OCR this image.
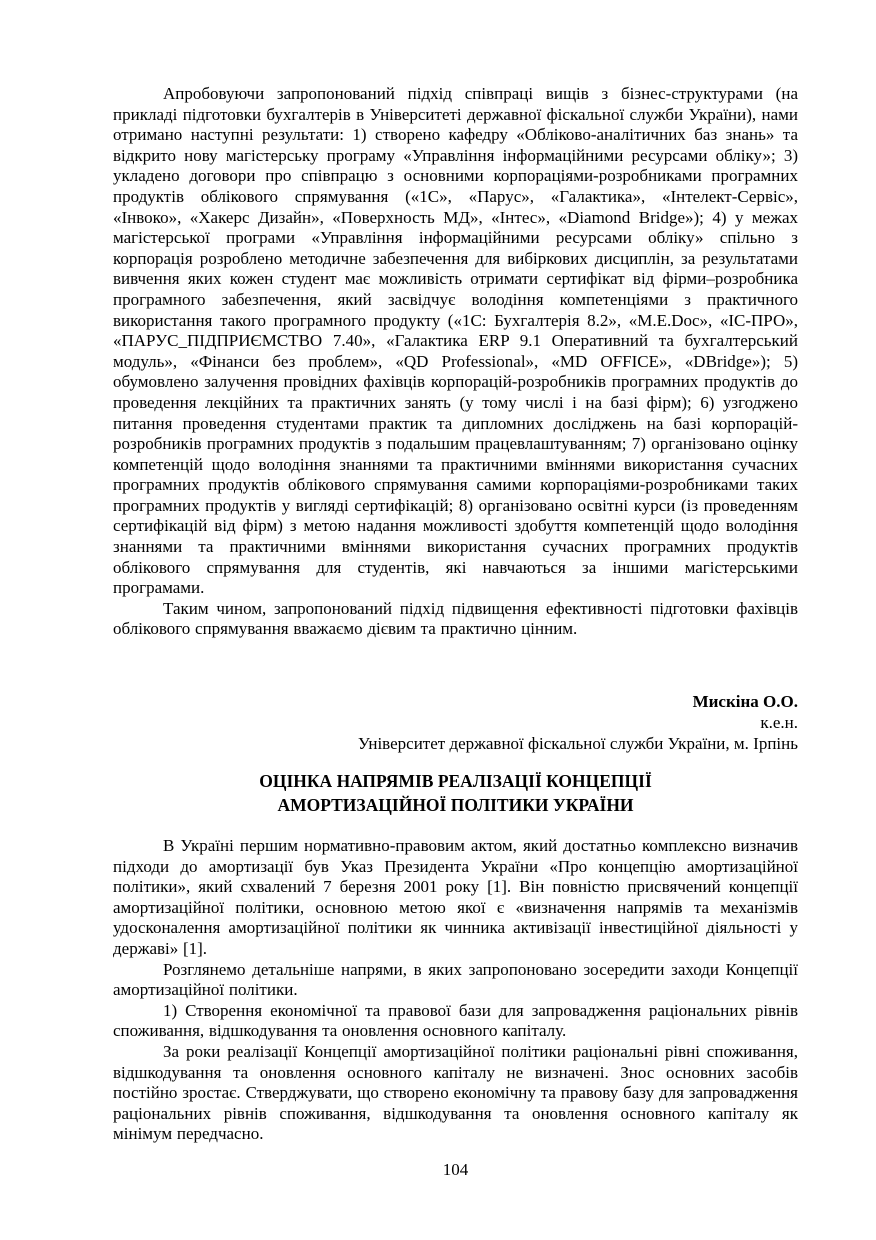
Апробовуючи запропонований підхід співпраці вищів з бізнес-структурами (на прикладі підготовки бухгалтерів в Університеті державної фіскальної служби України), нами отримано наступні результати: 1) створено кафедру «Обліково-аналітичних баз знань» та відкрито нову магістерську програму «Управління інформаційними ресурсами обліку»; 3) укладено договори про співпрацю з основними корпораціями-розробниками програмних продуктів облікового спрямування («1С», «Парус», «Галактика», «Інтелект-Сервіс», «Інвоко», «Хакерс Дизайн», «Поверхность МД», «Інтес», «Diamond Bridge»); 4) у межах магістерської програми «Управління інформаційними ресурсами обліку» спільно з корпорація розроблено методичне забезпечення для вибіркових дисциплін, за результатами вивчення яких кожен студент має можливість отримати сертифікат від фірми–розробника програмного забезпечення, який засвідчує володіння компетенціями з практичного використання такого програмного продукту («1С: Бухгалтерія 8.2», «M.E.Doc», «ІС-ПРО», «ПАРУС_ПІДПРИЄМСТВО 7.40», «Галактика ERP 9.1 Оперативний та бухгалтерський модуль», «Фінанси без проблем», «QD Professional», «MD OFFICE», «DBridge»); 5) обумовлено залучення провідних фахівців корпорацій-розробників програмних продуктів до проведення лекційних та практичних занять (у тому числі і на базі фірм); 6) узгоджено питання проведення студентами практик та дипломних досліджень на базі корпорацій-розробників програмних продуктів з подальшим працевлаштуванням; 7) організовано оцінку компетенцій щодо володіння знаннями та практичними вміннями використання сучасних програмних продуктів облікового спрямування самими корпораціями-розробниками таких програмних продуктів у вигляді сертифікацій; 8) організовано освітні курси (із проведенням сертифікацій від фірм) з метою надання можливості здобуття компетенцій щодо володіння знаннями та практичними вміннями використання сучасних програмних продуктів облікового спрямування для студентів, які навчаються за іншими магістерськими програмами.

Таким чином, запропонований підхід підвищення ефективності підготовки фахівців облікового спрямування вважаємо дієвим та практично цінним.

Мискіна О.О.
к.е.н.
Університет державної фіскальної служби України, м. Ірпінь
ОЦІНКА НАПРЯМІВ РЕАЛІЗАЦІЇ КОНЦЕПЦІЇ
АМОРТИЗАЦІЙНОЇ ПОЛІТИКИ УКРАЇНИ

В Україні першим нормативно-правовим актом, який достатньо комплексно визначив підходи до амортизації був Указ Президента України «Про концепцію амортизаційної політики», який схвалений 7 березня 2001 року [1]. Він повністю присвячений концепції амортизаційної політики, основною метою якої є «визначення напрямів та механізмів удосконалення амортизаційної політики як чинника активізації інвестиційної діяльності у державі» [1].

Розглянемо детальніше напрями, в яких запропоновано зосередити заходи Концепції амортизаційної політики.

1) Створення економічної та правової бази для запровадження раціональних рівнів споживання, відшкодування та оновлення основного капіталу.

За роки реалізації Концепції амортизаційної політики раціональні рівні споживання, відшкодування та оновлення основного капіталу не визначені. Знос основних засобів постійно зростає. Стверджувати, що створено економічну та правову базу для запровадження раціональних рівнів споживання, відшкодування та оновлення основного капіталу як мінімум передчасно.

104
